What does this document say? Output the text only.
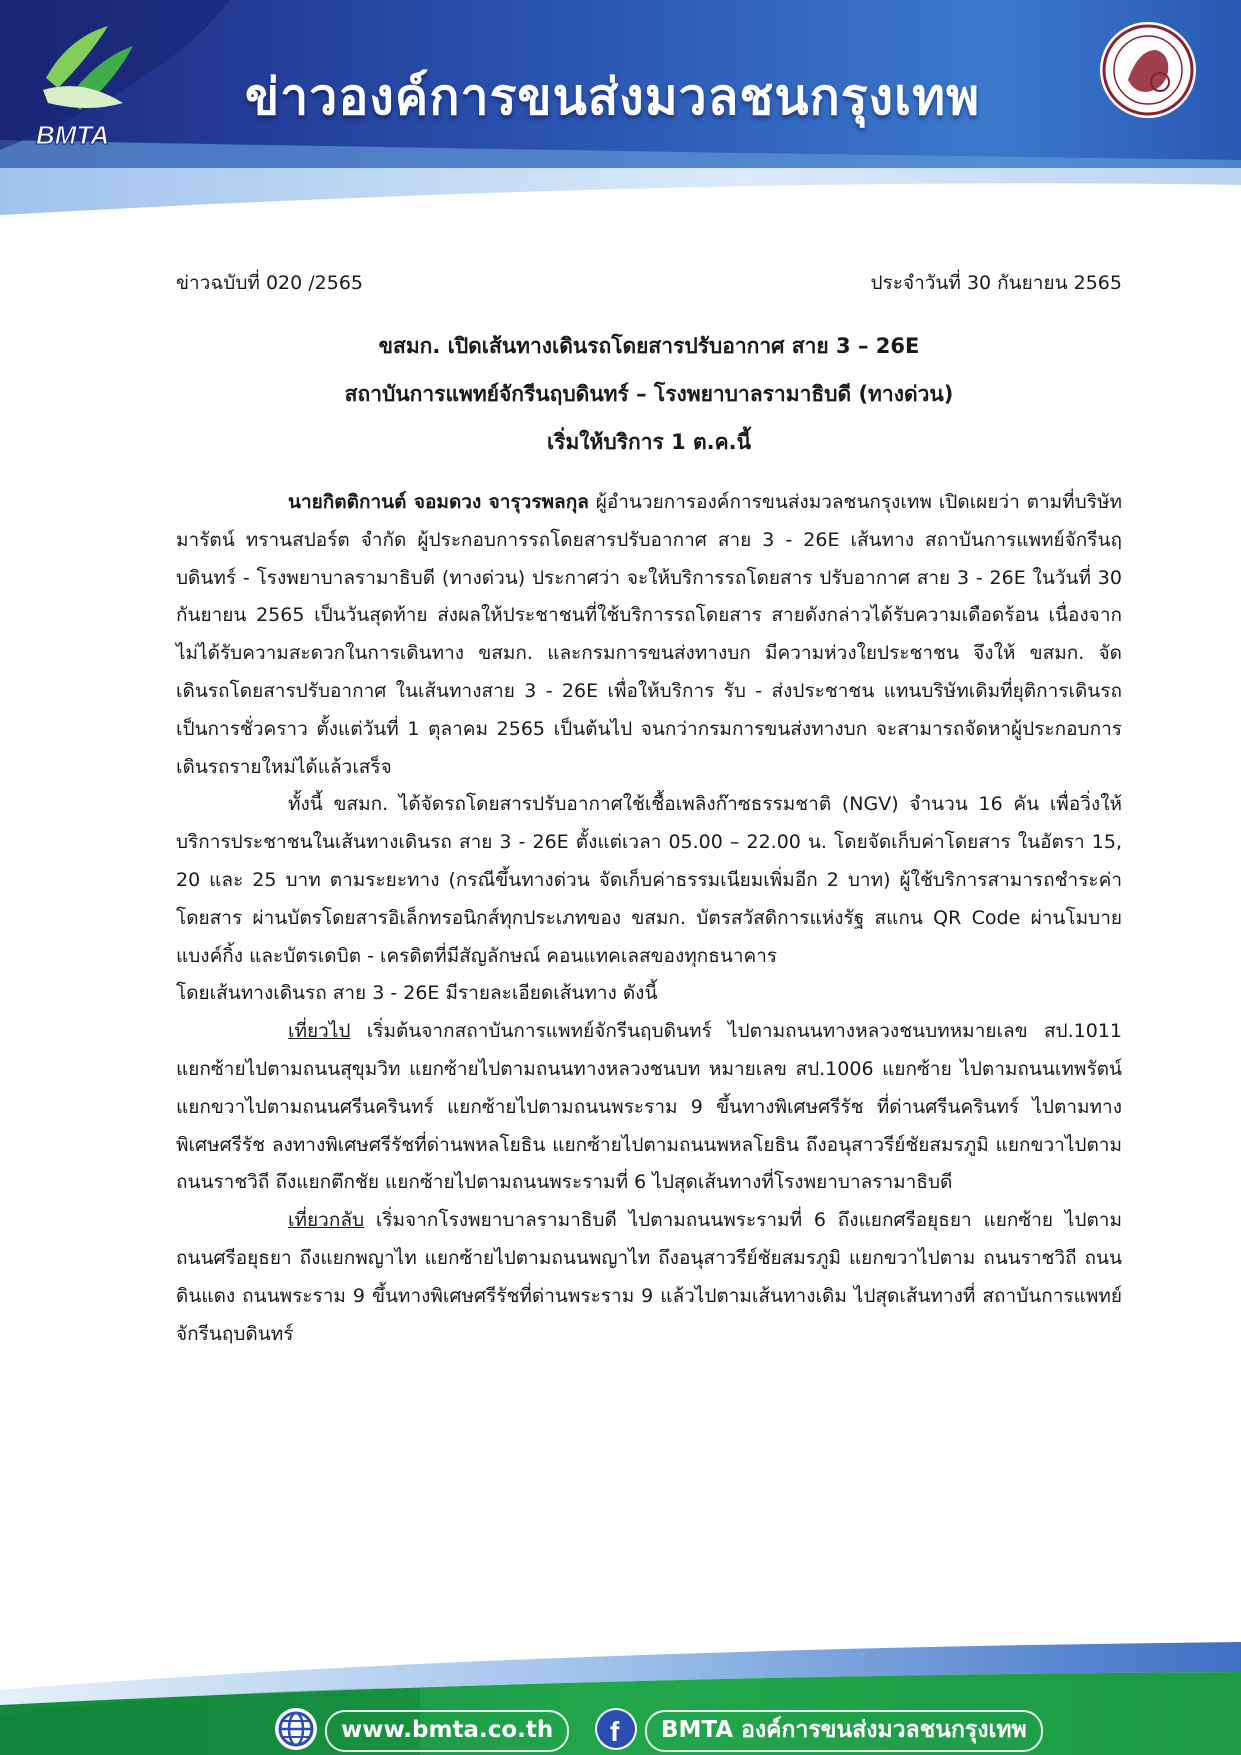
BMTA
ข่าวองค์การขนส่งมวลชนกรุงเทพ
ข่าวฉบับที่ 020 /2565	ประจำวันที่ 30 กันยายน 2565
ขสมก. เปิดเส้นทางเดินรถโดยสารปรับอากาศ สาย 3 – 26E
สถาบันการแพทย์จักรีนฤบดินทร์ – โรงพยาบาลรามาธิบดี (ทางด่วน)
เริ่มให้บริการ 1 ต.ค.นี้

นายกิตติกานต์ จอมดวง จารุวรพลกุล ผู้อำนวยการองค์การขนส่งมวลชนกรุงเทพ เปิดเผยว่า ตามที่บริษัท มารัตน์ ทรานสปอร์ต จำกัด ผู้ประกอบการรถโดยสารปรับอากาศ สาย 3 - 26E เส้นทาง สถาบันการแพทย์จักรีนฤบดินทร์ - โรงพยาบาลรามาธิบดี (ทางด่วน) ประกาศว่า จะให้บริการรถโดยสาร ปรับอากาศ สาย 3 - 26E ในวันที่ 30 กันยายน 2565 เป็นวันสุดท้าย ส่งผลให้ประชาชนที่ใช้บริการรถโดยสาร สายดังกล่าวได้รับความเดือดร้อน เนื่องจากไม่ได้รับความสะดวกในการเดินทาง ขสมก. และกรมการขนส่งทางบก มีความห่วงใยประชาชน จึงให้ ขสมก. จัดเดินรถโดยสารปรับอากาศ ในเส้นทางสาย 3 - 26E เพื่อให้บริการ รับ - ส่งประชาชน แทนบริษัทเดิมที่ยุติการเดินรถ เป็นการชั่วคราว ตั้งแต่วันที่ 1 ตุลาคม 2565 เป็นต้นไป จนกว่ากรมการขนส่งทางบก จะสามารถจัดหาผู้ประกอบการเดินรถรายใหม่ได้แล้วเสร็จ

ทั้งนี้ ขสมก. ได้จัดรถโดยสารปรับอากาศใช้เชื้อเพลิงก๊าซธรรมชาติ (NGV) จำนวน 16 คัน เพื่อวิ่งให้บริการประชาชนในเส้นทางเดินรถ สาย 3 - 26E ตั้งแต่เวลา 05.00 – 22.00 น. โดยจัดเก็บค่าโดยสาร ในอัตรา 15, 20 และ 25 บาท ตามระยะทาง (กรณีขึ้นทางด่วน จัดเก็บค่าธรรมเนียมเพิ่มอีก 2 บาท) ผู้ใช้บริการสามารถชำระค่าโดยสาร ผ่านบัตรโดยสารอิเล็กทรอนิกส์ทุกประเภทของ ขสมก. บัตรสวัสดิการแห่งรัฐ สแกน QR Code ผ่านโมบายแบงค์กิ้ง และบัตรเดบิต - เครดิตที่มีสัญลักษณ์ คอนแทคเลสของทุกธนาคาร

โดยเส้นทางเดินรถ สาย 3 - 26E มีรายละเอียดเส้นทาง ดังนี้

เที่ยวไป เริ่มต้นจากสถาบันการแพทย์จักรีนฤบดินทร์ ไปตามถนนทางหลวงชนบทหมายเลข สป.1011 แยกซ้ายไปตามถนนสุขุมวิท แยกซ้ายไปตามถนนทางหลวงชนบท หมายเลข สป.1006 แยกซ้าย ไปตามถนนเทพรัตน์ แยกขวาไปตามถนนศรีนครินทร์ แยกซ้ายไปตามถนนพระราม 9 ขึ้นทางพิเศษศรีรัช ที่ด่านศรีนครินทร์ ไปตามทางพิเศษศรีรัช ลงทางพิเศษศรีรัชที่ด่านพหลโยธิน แยกซ้ายไปตามถนนพหลโยธิน ถึงอนุสาวรีย์ชัยสมรภูมิ แยกขวาไปตามถนนราชวิถี ถึงแยกตึกชัย แยกซ้ายไปตามถนนพระรามที่ 6 ไปสุดเส้นทางที่โรงพยาบาลรามาธิบดี

เที่ยวกลับ เริ่มจากโรงพยาบาลรามาธิบดี ไปตามถนนพระรามที่ 6 ถึงแยกศรีอยุธยา แยกซ้าย ไปตามถนนศรีอยุธยา ถึงแยกพญาไท แยกซ้ายไปตามถนนพญาไท ถึงอนุสาวรีย์ชัยสมรภูมิ แยกขวาไปตาม ถนนราชวิถี ถนนดินแดง ถนนพระราม 9 ขึ้นทางพิเศษศรีรัชที่ด่านพระราม 9 แล้วไปตามเส้นทางเดิม ไปสุดเส้นทางที่ สถาบันการแพทย์จักรีนฤบดินทร์

www.bmta.co.th	f	BMTA องค์การขนส่งมวลชนกรุงเทพ
